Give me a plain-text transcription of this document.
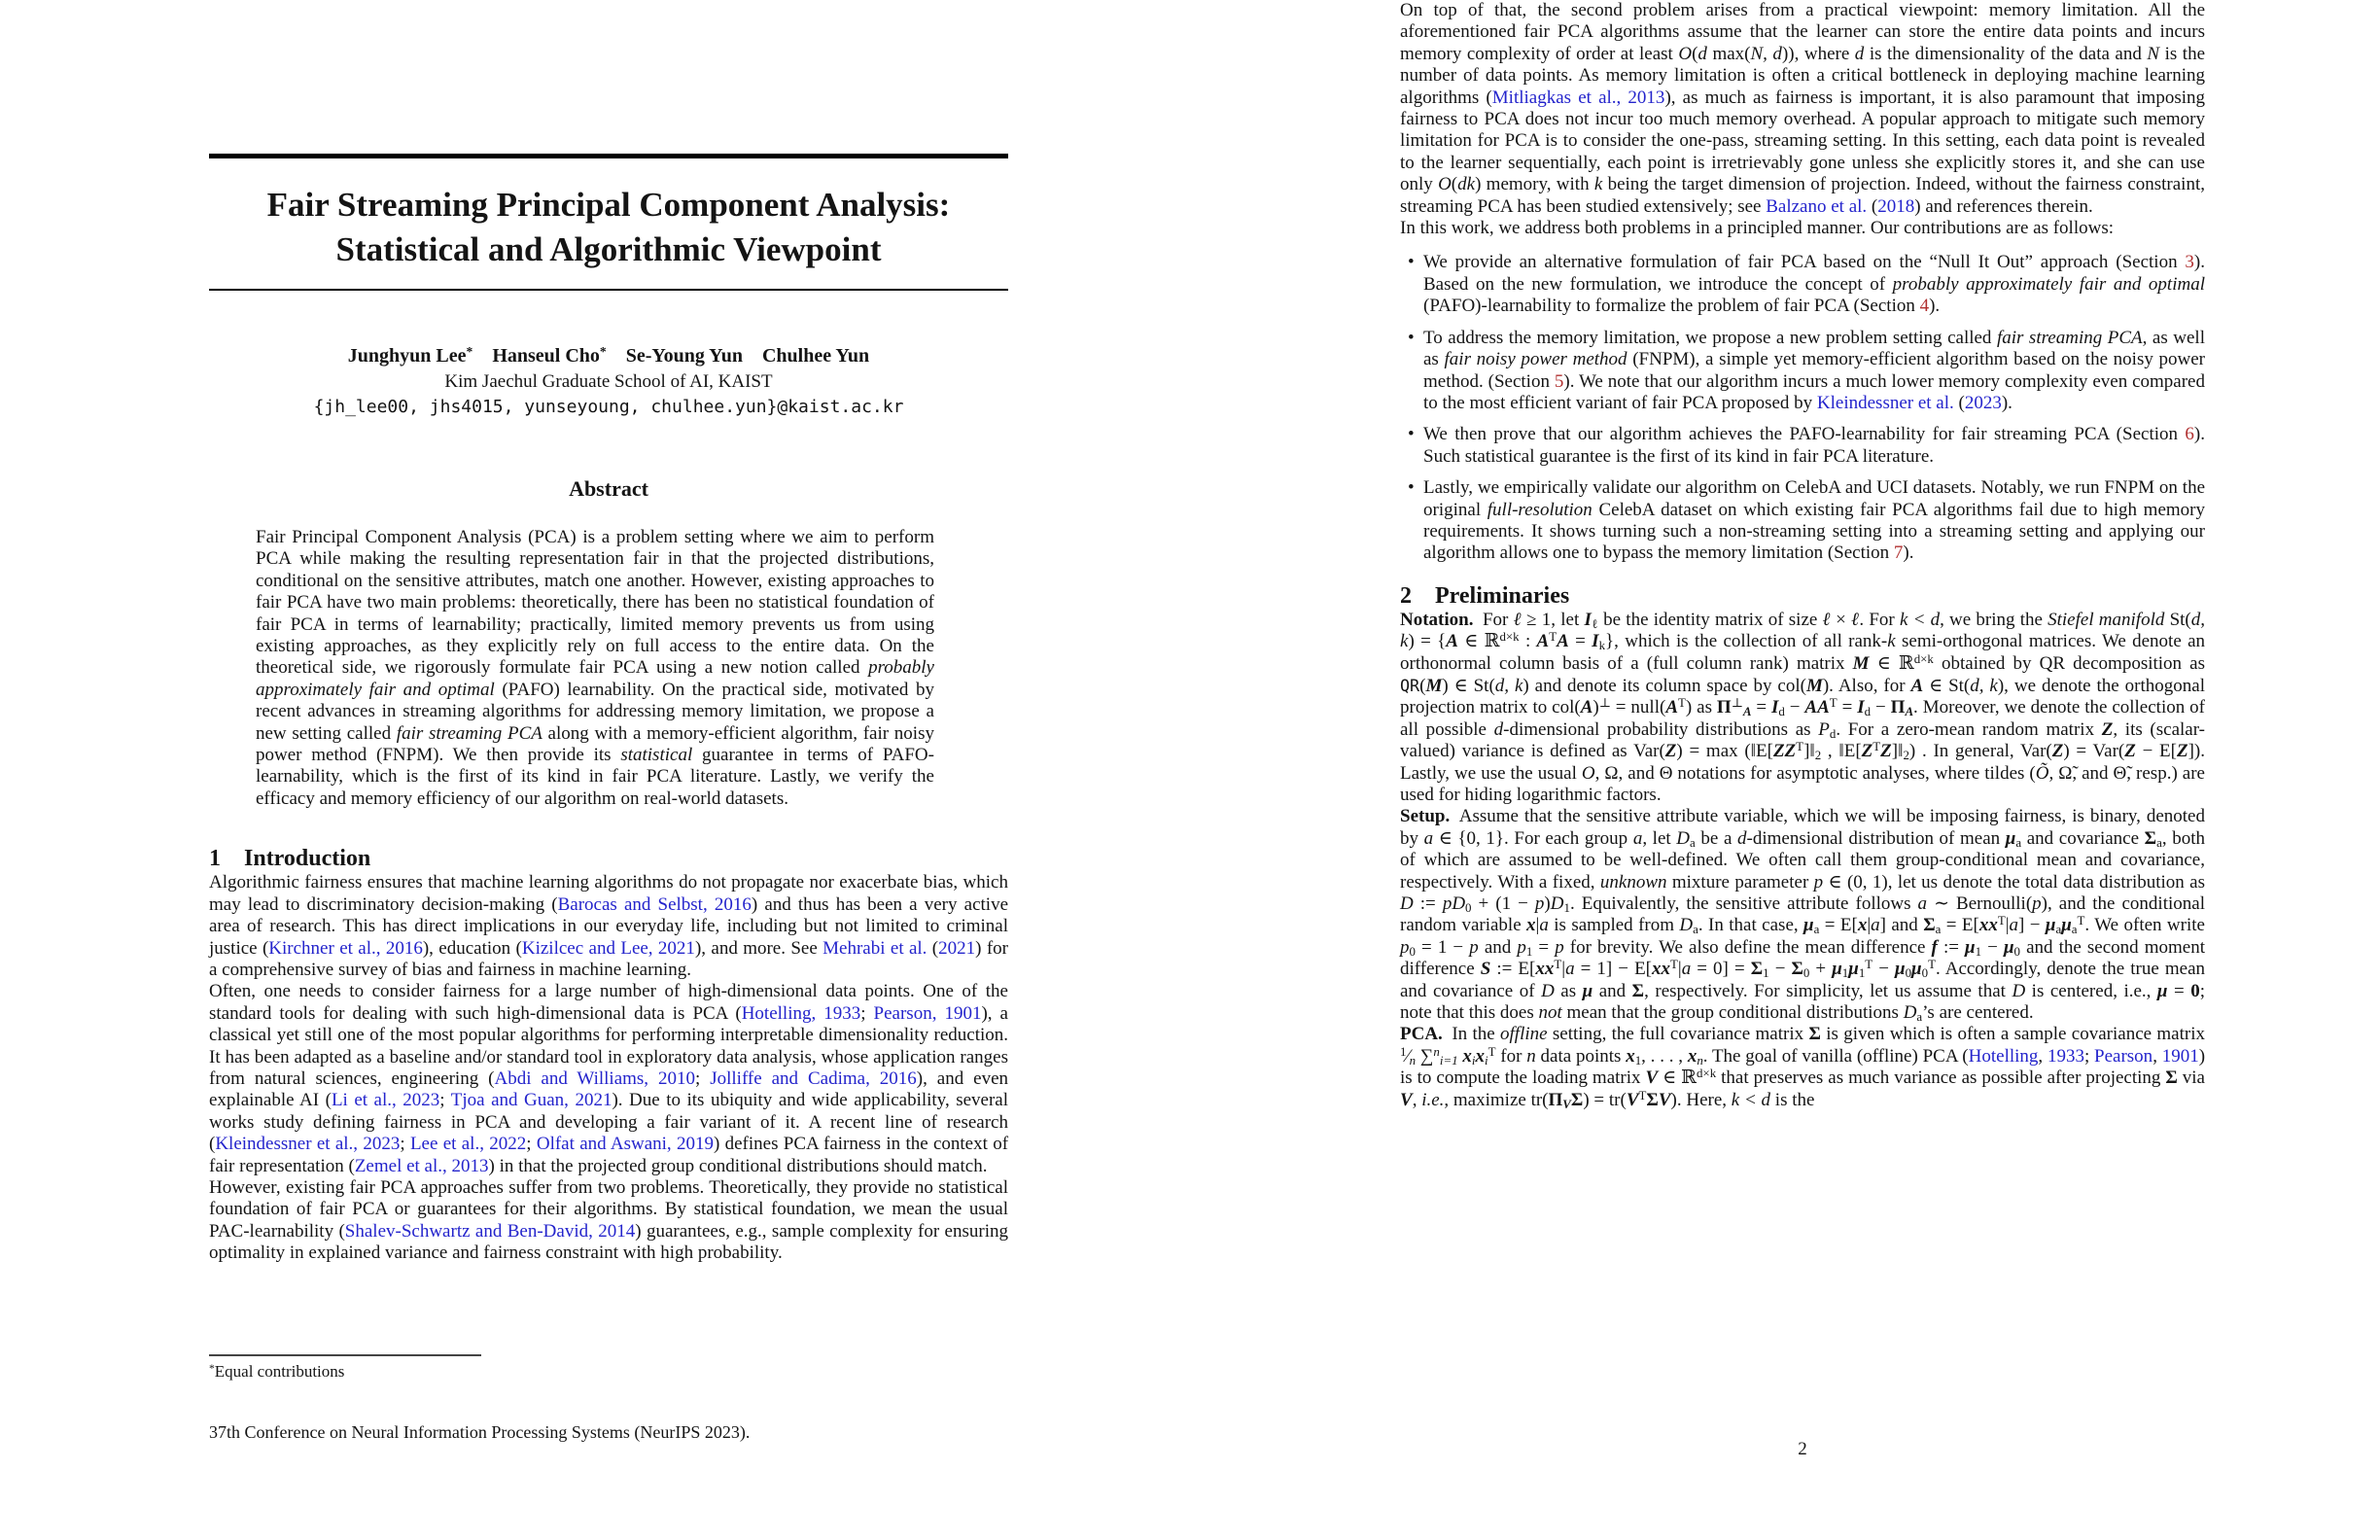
Fair Streaming Principal Component Analysis:
Statistical and Algorithmic Viewpoint
Junghyun Lee*  Hanseul Cho*  Se-Young Yun  Chulhee Yun
Kim Jaechul Graduate School of AI, KAIST
{jh_lee00, jhs4015, yunseyoung, chulhee.yun}@kaist.ac.kr
Abstract

Fair Principal Component Analysis (PCA) is a problem setting where we aim to perform PCA while making the resulting representation fair in that the projected distributions, conditional on the sensitive attributes, match one another. However, existing approaches to fair PCA have two main problems: theoretically, there has been no statistical foundation of fair PCA in terms of learnability; practically, limited memory prevents us from using existing approaches, as they explicitly rely on full access to the entire data. On the theoretical side, we rigorously formulate fair PCA using a new notion called probably approximately fair and optimal (PAFO) learnability. On the practical side, motivated by recent advances in streaming algorithms for addressing memory limitation, we propose a new setting called fair streaming PCA along with a memory-efficient algorithm, fair noisy power method (FNPM). We then provide its statistical guarantee in terms of PAFO-learnability, which is the first of its kind in fair PCA literature. Lastly, we verify the efficacy and memory efficiency of our algorithm on real-world datasets.

1 Introduction

Algorithmic fairness ensures that machine learning algorithms do not propagate nor exacerbate bias, which may lead to discriminatory decision-making (Barocas and Selbst, 2016) and thus has been a very active area of research. This has direct implications in our everyday life, including but not limited to criminal justice (Kirchner et al., 2016), education (Kizilcec and Lee, 2021), and more. See Mehrabi et al. (2021) for a comprehensive survey of bias and fairness in machine learning.

Often, one needs to consider fairness for a large number of high-dimensional data points. One of the standard tools for dealing with such high-dimensional data is PCA (Hotelling, 1933; Pearson, 1901), a classical yet still one of the most popular algorithms for performing interpretable dimensionality reduction. It has been adapted as a baseline and/or standard tool in exploratory data analysis, whose application ranges from natural sciences, engineering (Abdi and Williams, 2010; Jolliffe and Cadima, 2016), and even explainable AI (Li et al., 2023; Tjoa and Guan, 2021). Due to its ubiquity and wide applicability, several works study defining fairness in PCA and developing a fair variant of it. A recent line of research (Kleindessner et al., 2023; Lee et al., 2022; Olfat and Aswani, 2019) defines PCA fairness in the context of fair representation (Zemel et al., 2013) in that the projected group conditional distributions should match.

However, existing fair PCA approaches suffer from two problems. Theoretically, they provide no statistical foundation of fair PCA or guarantees for their algorithms. By statistical foundation, we mean the usual PAC-learnability (Shalev-Schwartz and Ben-David, 2014) guarantees, e.g., sample complexity for ensuring optimality in explained variance and fairness constraint with high probability.

*Equal contributions
37th Conference on Neural Information Processing Systems (NeurIPS 2023).

On top of that, the second problem arises from a practical viewpoint: memory limitation. All the aforementioned fair PCA algorithms assume that the learner can store the entire data points and incurs memory complexity of order at least O(d max(N, d)), where d is the dimensionality of the data and N is the number of data points. As memory limitation is often a critical bottleneck in deploying machine learning algorithms (Mitliagkas et al., 2013), as much as fairness is important, it is also paramount that imposing fairness to PCA does not incur too much memory overhead. A popular approach to mitigate such memory limitation for PCA is to consider the one-pass, streaming setting. In this setting, each data point is revealed to the learner sequentially, each point is irretrievably gone unless she explicitly stores it, and she can use only O(dk) memory, with k being the target dimension of projection. Indeed, without the fairness constraint, streaming PCA has been studied extensively; see Balzano et al. (2018) and references therein.

In this work, we address both problems in a principled manner. Our contributions are as follows:

• We provide an alternative formulation of fair PCA based on the “Null It Out” approach (Section 3). Based on the new formulation, we introduce the concept of probably approximately fair and optimal (PAFO)-learnability to formalize the problem of fair PCA (Section 4).

• To address the memory limitation, we propose a new problem setting called fair streaming PCA, as well as fair noisy power method (FNPM), a simple yet memory-efficient algorithm based on the noisy power method. (Section 5). We note that our algorithm incurs a much lower memory complexity even compared to the most efficient variant of fair PCA proposed by Kleindessner et al. (2023).

• We then prove that our algorithm achieves the PAFO-learnability for fair streaming PCA (Section 6). Such statistical guarantee is the first of its kind in fair PCA literature.

• Lastly, we empirically validate our algorithm on CelebA and UCI datasets. Notably, we run FNPM on the original full-resolution CelebA dataset on which existing fair PCA algorithms fail due to high memory requirements. It shows turning such a non-streaming setting into a streaming setting and applying our algorithm allows one to bypass the memory limitation (Section 7).

2 Preliminaries

Notation. For ℓ ≥ 1, let Iℓ be the identity matrix of size ℓ × ℓ. For k < d, we bring the Stiefel manifold St(d, k) = {A ∈ ℝ$^{d\times k}$ : $A^TA = Ik$}, which is the collection of all rank-k semi-orthogonal matrices. We denote an orthonormal column basis of a (full column rank) matrix M ∈ ℝ$^{d\times k}$ obtained by QR decomposition as QR(M) ∈ St(d, k) and denote its column space by col(M). Also, for A ∈ St(d, k), we denote the orthogonal projection matrix to $col(A)^\perp = null(A^T)$ as $\Pi^\perp A = Id - AA^T = Id - \Pi A$. Moreover, we denote the collection of all possible d-dimensional probability distributions as Pd. For a zero-mean random matrix Z, its (scalar-valued) variance is defined as $Var(Z) = \max (‖E[ZZ^T]‖2$ , $‖E[Z^TZ]‖2$) . In general, Var(Z) = Var(Z − E[Z]). Lastly, we use the usual O, Ω, and Θ notations for asymptotic analyses, where tildes (Õ, Ω̃, and Θ̃, resp.) are used for hiding logarithmic factors.

Setup. Assume that the sensitive attribute variable, which we will be imposing fairness, is binary, denoted by a ∈ {0, 1}. For each group a, let Da be a d-dimensional distribution of mean μa and covariance Σa, both of which are assumed to be well-defined. We often call them group-conditional mean and covariance, respectively. With a fixed, unknown mixture parameter p ∈ (0, 1), let us denote the total data distribution as D := pD0 + (1 − p)D1. Equivalently, the sensitive attribute follows a ∼ Bernoulli(p), and the conditional random variable x|a is sampled from Da. In that case, μa = E[x|a] and $\Sigma a = E[xx^T|a] - \mu a\mu a^T$. We often write p0 = 1 − p and p1 = p for brevity. We also define the mean difference f := μ1 − μ0 and the second moment difference S := $E[xx^T|a = 1] - E[xx^T|a = 0] = \Sigma 1 - \Sigma 0 + \mu 1\mu 1^T - \mu 0\mu 0^T$. Accordingly, denote the true mean and covariance of D as μ and Σ, respectively. For simplicity, let us assume that D is centered, i.e., μ = 0; note that this does not mean that the group conditional distributions Da’s are centered.

PCA. In the offline setting, the full covariance matrix Σ is given which is often a sample covariance matrix $^1$⁄n ∑$^n$i=1 xixi$^T$ for n data points x1, . . . , xn. The goal of vanilla (offline) PCA (Hotelling, 1933; Pearson, 1901) is to compute the loading matrix V ∈ ℝ$^{d\times k}$ that preserves as much variance as possible after projecting Σ via V, i.e., maximize $tr(\Pi V\Sigma) = tr(V^T\Sigma V)$. Here, k < d is the

2
